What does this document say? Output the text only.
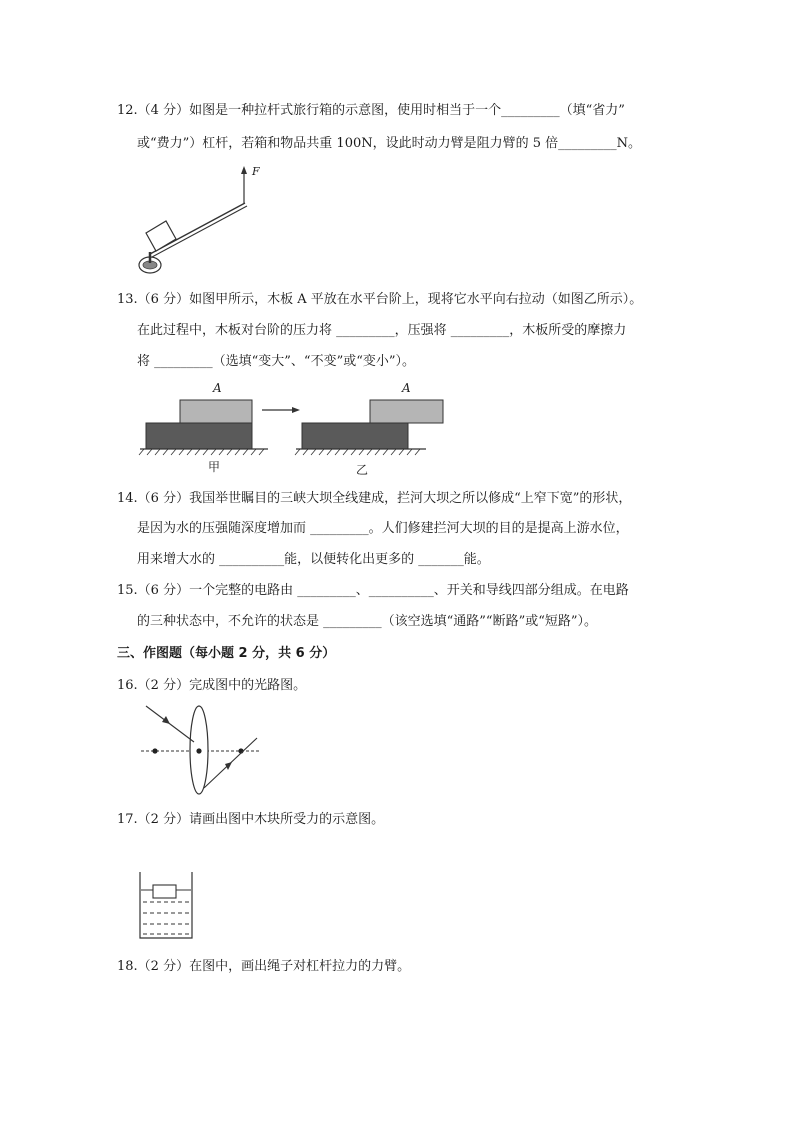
12.（4 分）如图是一种拉杆式旅行箱的示意图，使用时相当于一个_________（填“省力”
或“费力”）杠杆，若箱和物品共重 100N，设此时动力臂是阻力臂的 5 倍_________N。
F
13.（6 分）如图甲所示，木板 A 平放在水平台阶上，现将它水平向右拉动（如图乙所示）。
在此过程中，木板对台阶的压力将 _________，压强将 _________，木板所受的摩擦力
将 _________（选填“变大”、“不变”或“变小”）。
A
甲
A
乙
14.（6 分）我国举世瞩目的三峡大坝全线建成，拦河大坝之所以修成“上窄下宽”的形状，
是因为水的压强随深度增加而 _________。人们修建拦河大坝的目的是提高上游水位，
用来增大水的 __________能，以便转化出更多的 _______能。
15.（6 分）一个完整的电路由 _________、__________、开关和导线四部分组成。在电路
的三种状态中，不允许的状态是 _________（该空选填“通路”“断路”或“短路”）。
三、作图题（每小题 2 分，共 6 分）
16.（2 分）完成图中的光路图。
17.（2 分）请画出图中木块所受力的示意图。
18.（2 分）在图中，画出绳子对杠杆拉力的力臂。
